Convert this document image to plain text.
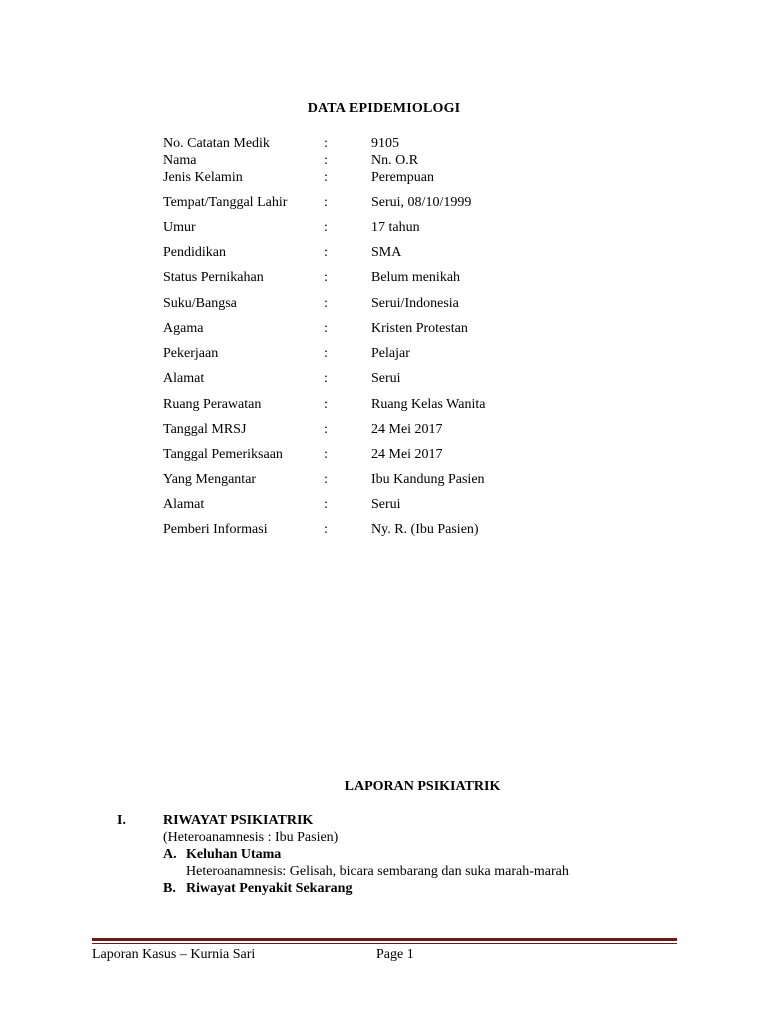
DATA EPIDEMIOLOGI
No. Catatan Medik	:	9105
Nama	:	Nn. O.R
Jenis Kelamin	:	Perempuan
Tempat/Tanggal Lahir	:	Serui, 08/10/1999
Umur	:	17 tahun
Pendidikan	:	SMA
Status Pernikahan	:	Belum menikah
Suku/Bangsa	:	Serui/Indonesia
Agama	:	Kristen Protestan
Pekerjaan	:	Pelajar
Alamat	:	Serui
Ruang Perawatan	:	Ruang Kelas Wanita
Tanggal MRSJ	:	24 Mei 2017
Tanggal Pemeriksaan	:	24 Mei 2017
Yang Mengantar	:	Ibu Kandung Pasien
Alamat	:	Serui
Pemberi Informasi	:	Ny. R. (Ibu Pasien)
LAPORAN PSIKIATRIK
I.	RIWAYAT PSIKIATRIK
(Heteroanamnesis : Ibu Pasien)
A. Keluhan Utama
Heteroanamnesis: Gelisah, bicara sembarang dan suka marah-marah
B. Riwayat Penyakit Sekarang
Laporan Kasus – Kurnia Sari	Page 1
